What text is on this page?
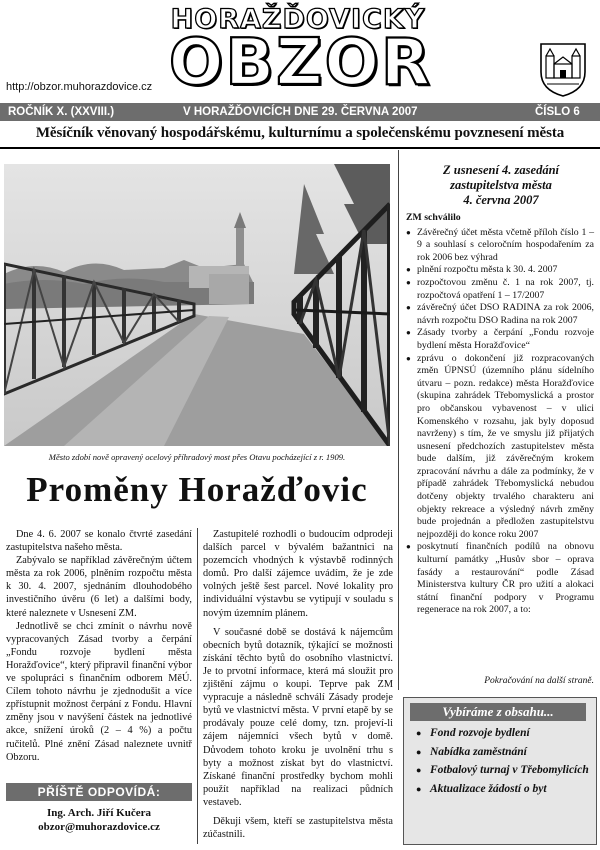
HORAŽĎOVICKÝ
OBZOR
http://obzor.muhorazdovice.cz
ROČNÍK X. (XXVIII.)	V HORAŽĎOVICÍCH DNE 29. ČERVNA 2007	ČÍSLO 6
Měsíčník věnovaný hospodářskému, kulturnímu a společenskému povznesení města
Město zdobí nově opravený ocelový příhradový most přes Otavu pocházející z r. 1909.
Proměny Horažďovic

Dne 4. 6. 2007 se konalo čtvrté zasedání zastupitelstva našeho města.

Zabývalo se například závěrečným účtem města za rok 2006, plněním rozpočtu města k 30. 4. 2007, sjednáním dlouhodobého investičního úvěru (6 let) a dalšími body, které naleznete v Usnesení ZM.

Jednotlivě se chci zmínit o návrhu nově vypracovaných Zásad tvorby a čerpání „Fondu rozvoje bydlení města Horažďovice“, který připravil finanční výbor ve spolupráci s finančním odborem MěÚ. Cílem tohoto návrhu je zjednodušit a více zpřístupnit možnost čerpání z Fondu. Hlavní změny jsou v navýšení částek na jednotlivé akce, snížení úroků (2 – 4 %) a počtu ručitelů. Plné znění Zásad naleznete uvnitř Obzoru.

Zastupitelé rozhodli o budoucím odprodeji dalších parcel v bývalém bažantnici na pozemcích vhodných k výstavbě rodinných domů. Pro další zájemce uvádím, že je zde volných ještě šest parcel. Nové lokality pro individuální výstavbu se vytipují v souladu s novým územním plánem.

V současné době se dostává k nájemcům obecních bytů dotazník, týkající se možnosti získání těchto bytů do osobního vlastnictví. Je to prvotní informace, která má sloužit pro zjištění zájmu o koupi. Teprve pak ZM vypracuje a následně schválí Zásady prodeje bytů ve vlastnictví města. V první etapě by se prodávaly pouze celé domy, tzn. projeví-li zájem nájemníci všech bytů v domě. Důvodem tohoto kroku je uvolnění trhu s byty a možnost získat byt do vlastnictví. Získané finanční prostředky bychom mohli použít například na realizaci půdních vestaveb.

Děkuji všem, kteří se zastupitelstva města zúčastnili.

PŘÍŠTĚ ODPOVÍDÁ:
Ing. Arch. Jiří Kučera
obzor@muhorazdovice.cz
Z usnesení 4. zasedání
zastupitelstva města
4. června 2007
ZM schválilo
● Závěrečný účet města včetně příloh číslo 1 – 9 a souhlasí s celoročním hospodařením za rok 2006 bez výhrad
● plnění rozpočtu města k 30. 4. 2007
● rozpočtovou změnu č. 1 na rok 2007, tj. rozpočtová opatření 1 – 17/2007
● závěrečný účet DSO RADINA za rok 2006, návrh rozpočtu DSO Radina na rok 2007
● Zásady tvorby a čerpání „Fondu rozvoje bydlení města Horažďovice“
● zprávu o dokončení již rozpracovaných změn ÚPNSÚ (územního plánu sídelního útvaru – pozn. redakce) města Horažďovice (skupina zahrádek Třebomyslická a prostor pro občanskou vybavenost – v ulici Komenského v rozsahu, jak byly doposud navrženy) s tím, že ve smyslu již přijatých usnesení předchozích zastupitelstev města bude dalším, již závěrečným krokem zpracování návrhu a dále za podmínky, že v případě zahrádek Třebomyslická nebudou dotčeny objekty trvalého charakteru ani objekty rekreace a výsledný návrh změny bude projednán a předložen zastupitelstvu nejpozději do konce roku 2007
● poskytnutí finančních podílů na obnovu kulturní památky „Husův sbor – oprava fasády a restaurování“ podle Zásad Ministerstva kultury ČR pro užití a alokaci státní finanční podpory v Programu regenerace na rok 2007, a to:
Pokračování na další straně.
Vybíráme z obsahu...
● Fond rozvoje bydlení
● Nabídka zaměstnání
● Fotbalový turnaj v Třebomylicích
● Aktualizace žádostí o byt
